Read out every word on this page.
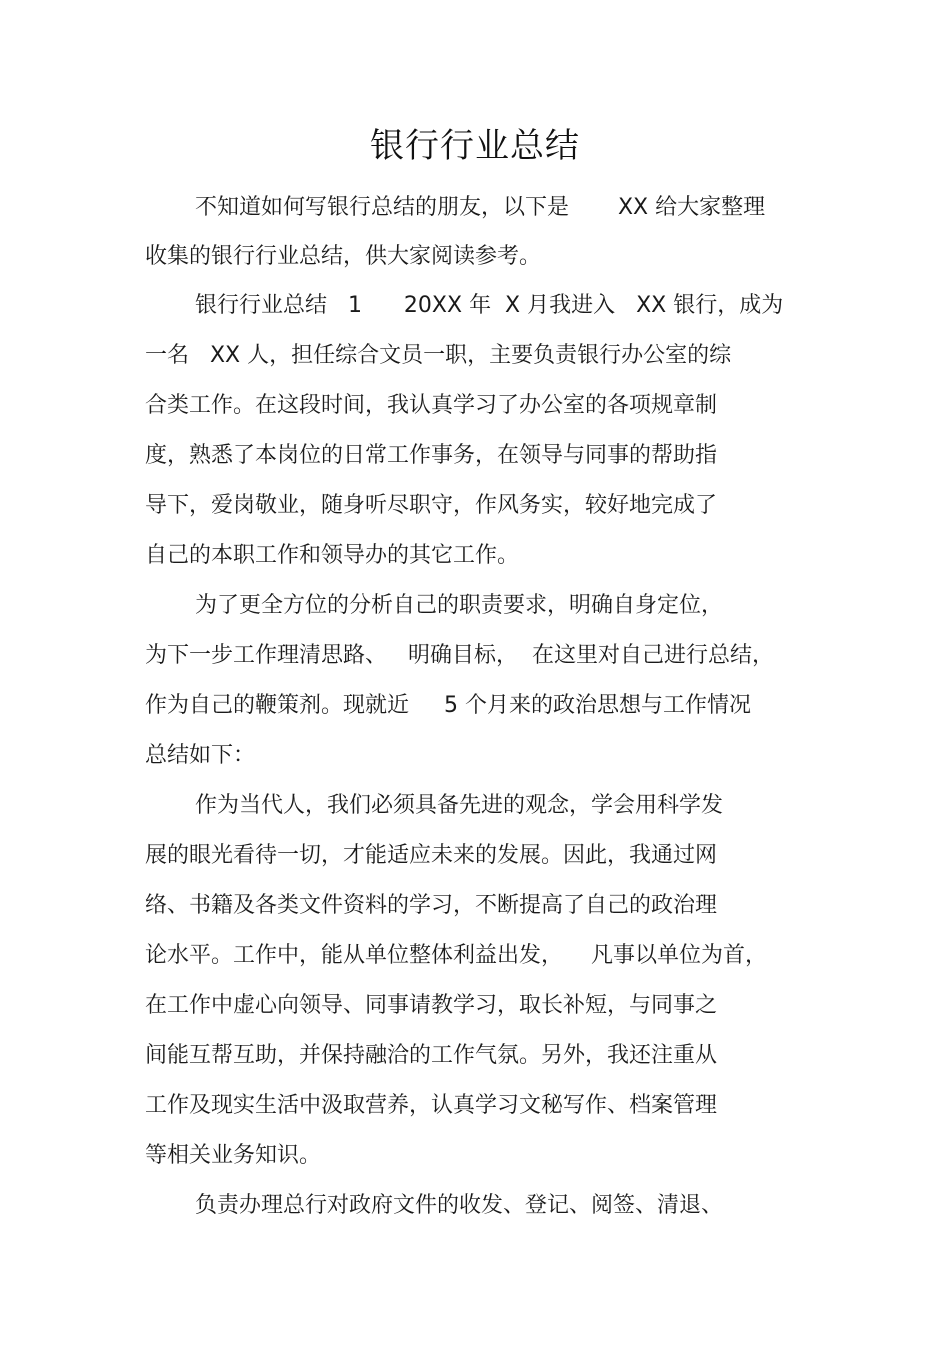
银行行业总结
不知道如何写银行总结的朋友，以下是       XX 给大家整理
收集的银行行业总结，供大家阅读参考。
银行行业总结   1      20XX 年  X 月我进入   XX 银行，成为
一名   XX 人，担任综合文员一职，主要负责银行办公室的综
合类工作。在这段时间，我认真学习了办公室的各项规章制
度，熟悉了本岗位的日常工作事务，在领导与同事的帮助指
导下，爱岗敬业，随身听尽职守，作风务实，较好地完成了
自己的本职工作和领导办的其它工作。
为了更全方位的分析自己的职责要求，明确自身定位，
为下一步工作理清思路、   明确目标，  在这里对自己进行总结，
作为自己的鞭策剂。现就近     5 个月来的政治思想与工作情况
总结如下：
作为当代人，我们必须具备先进的观念，学会用科学发
展的眼光看待一切，才能适应未来的发展。因此，我通过网
络、书籍及各类文件资料的学习，不断提高了自己的政治理
论水平。工作中，能从单位整体利益出发，    凡事以单位为首，
在工作中虚心向领导、同事请教学习，取长补短，与同事之
间能互帮互助，并保持融洽的工作气氛。另外，我还注重从
工作及现实生活中汲取营养，认真学习文秘写作、档案管理
等相关业务知识。
负责办理总行对政府文件的收发、登记、阅签、清退、
